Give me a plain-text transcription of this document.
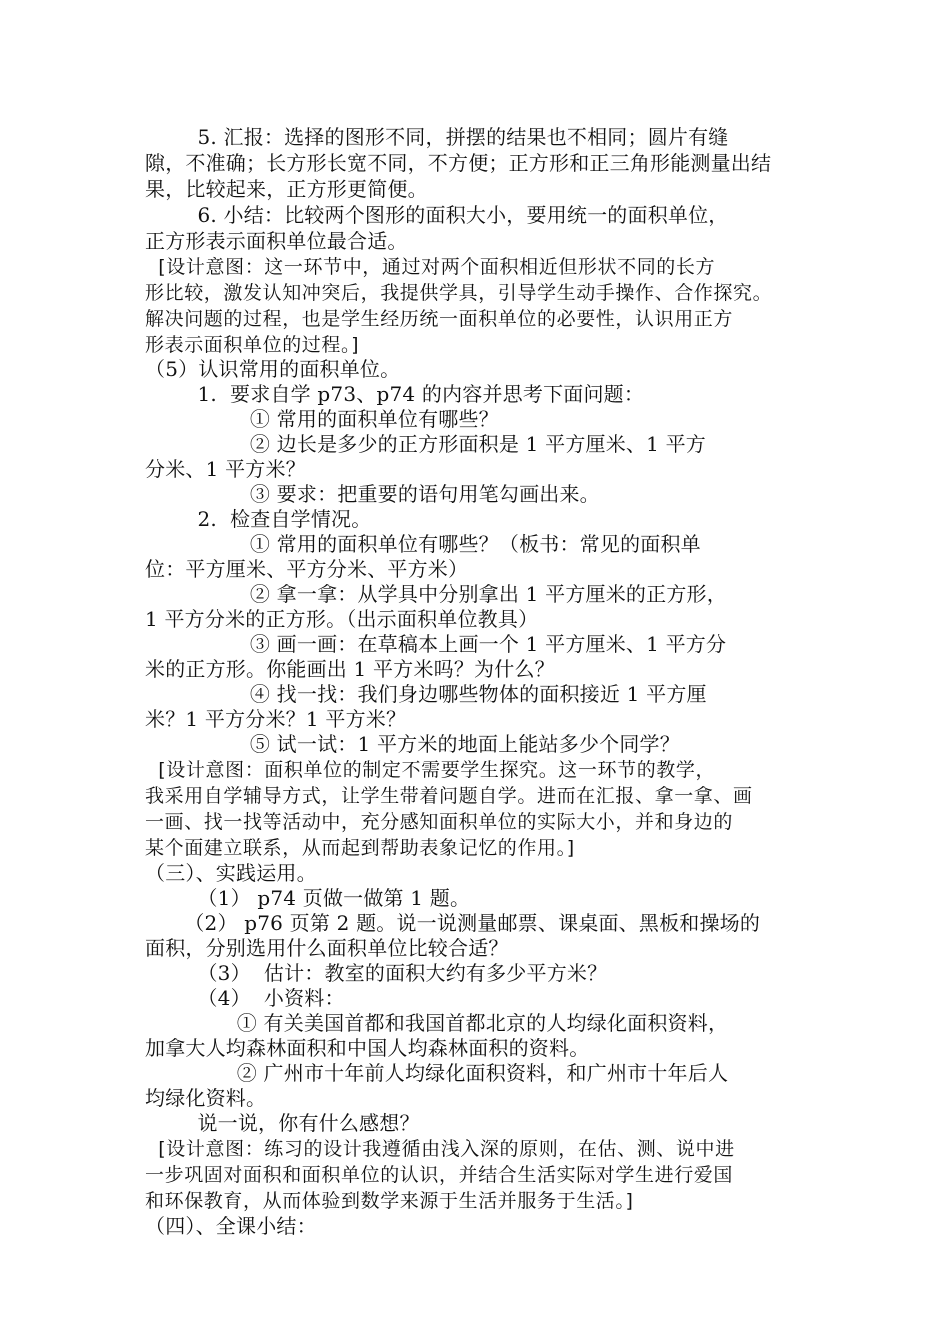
5. 汇报：选择的图形不同，拼摆的结果也不相同；圆片有缝
隙，不准确；长方形长宽不同，不方便；正方形和正三角形能测量出结
果，比较起来，正方形更简便。
6. 小结：比较两个图形的面积大小，要用统一的面积单位，
正方形表示面积单位最合适。
[设计意图：这一环节中，通过对两个面积相近但形状不同的长方
形比较，激发认知冲突后，我提供学具，引导学生动手操作、合作探究。
解决问题的过程，也是学生经历统一面积单位的必要性，认识用正方
形表示面积单位的过程。]
（5）认识常用的面积单位。
1.  要求自学 p73、p74 的内容并思考下面问题：
① 常用的面积单位有哪些？
② 边长是多少的正方形面积是 1 平方厘米、1 平方
分米、1 平方米？
③ 要求：把重要的语句用笔勾画出来。
2.  检查自学情况。
① 常用的面积单位有哪些？（板书：常见的面积单
位：平方厘米、平方分米、平方米）
② 拿一拿：从学具中分别拿出 1 平方厘米的正方形，
1 平方分米的正方形。（出示面积单位教具）
③ 画一画：在草稿本上画一个 1 平方厘米、1 平方分
米的正方形。你能画出 1 平方米吗？为什么？
④ 找一找：我们身边哪些物体的面积接近 1 平方厘
米？1 平方分米？1 平方米？
⑤ 试一试：1 平方米的地面上能站多少个同学？
[设计意图：面积单位的制定不需要学生探究。这一环节的教学，
我采用自学辅导方式，让学生带着问题自学。进而在汇报、拿一拿、画
一画、找一找等活动中，充分感知面积单位的实际大小，并和身边的
某个面建立联系，从而起到帮助表象记忆的作用。]
（三）、实践运用。
（1） p74 页做一做第 1 题。
（2） p76 页第 2 题。说一说测量邮票、课桌面、黑板和操场的
面积，分别选用什么面积单位比较合适？
（3）  估计：教室的面积大约有多少平方米？
（4）  小资料：
① 有关美国首都和我国首都北京的人均绿化面积资料，
加拿大人均森林面积和中国人均森林面积的资料。
② 广州市十年前人均绿化面积资料，和广州市十年后人
均绿化资料。
说一说，你有什么感想？
[设计意图：练习的设计我遵循由浅入深的原则，在估、测、说中进
一步巩固对面积和面积单位的认识，并结合生活实际对学生进行爱国
和环保教育，从而体验到数学来源于生活并服务于生活。]
（四）、全课小结：
